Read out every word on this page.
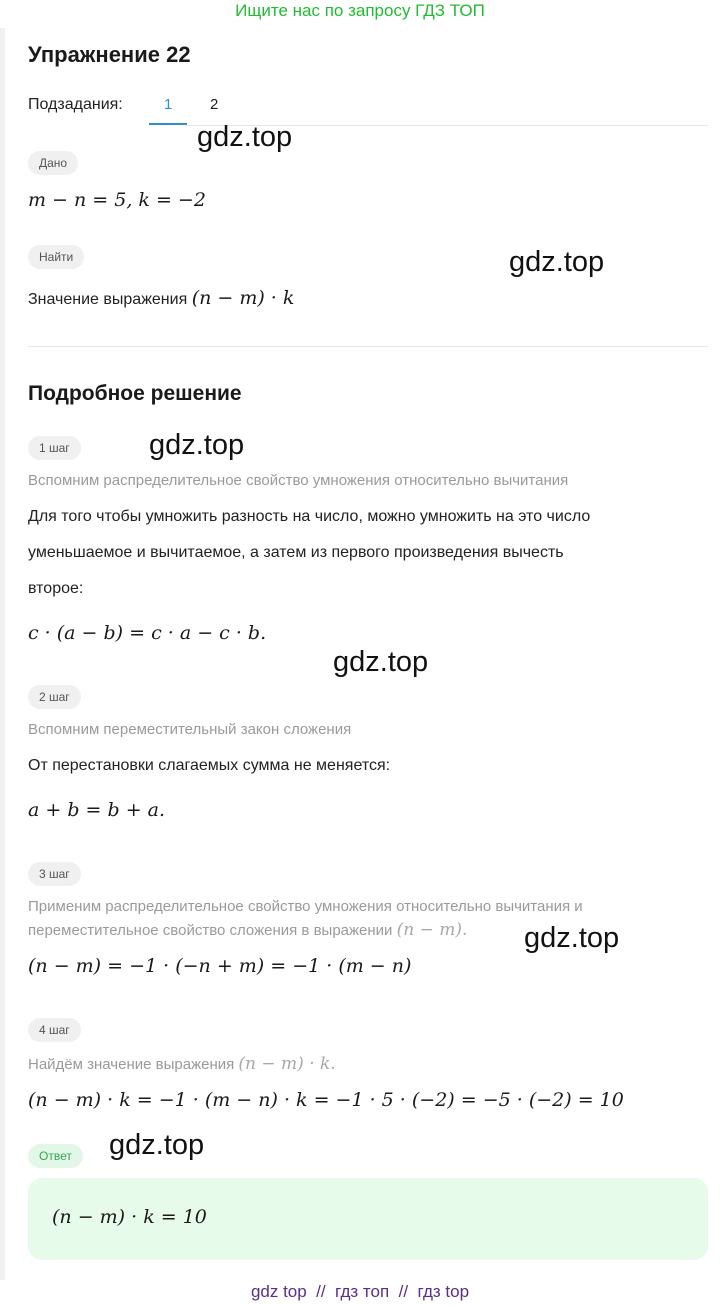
Ищите нас по запросу ГДЗ ТОП
Упражнение 22
Подзадания:	1	2
Дано
m − n = 5, k = −2
Найти
Значение выражения (n − m) · k
Подробное решение
1 шаг
Вспомним распределительное свойство умножения относительно вычитания
Для того чтобы умножить разность на число, можно умножить на это число
уменьшаемое и вычитаемое, а затем из первого произведения вычесть
второе:
c · (a − b) = c · a − c · b.
2 шаг
Вспомним переместительный закон сложения
От перестановки слагаемых сумма не меняется:
a + b = b + a.
3 шаг
Применим распределительное свойство умножения относительно вычитания и
переместительное свойство сложения в выражении (n − m).
(n − m) = −1 · (−n + m) = −1 · (m − n)
4 шаг
Найдём значение выражения (n − m) · k.
(n − m) · k = −1 · (m − n) · k = −1 · 5 · (−2) = −5 · (−2) = 10
Ответ
(n − m) · k = 10
gdz.top
gdz.top
gdz.top
gdz.top
gdz.top
gdz.top
gdz top  //  гдз топ  //  гдз top
